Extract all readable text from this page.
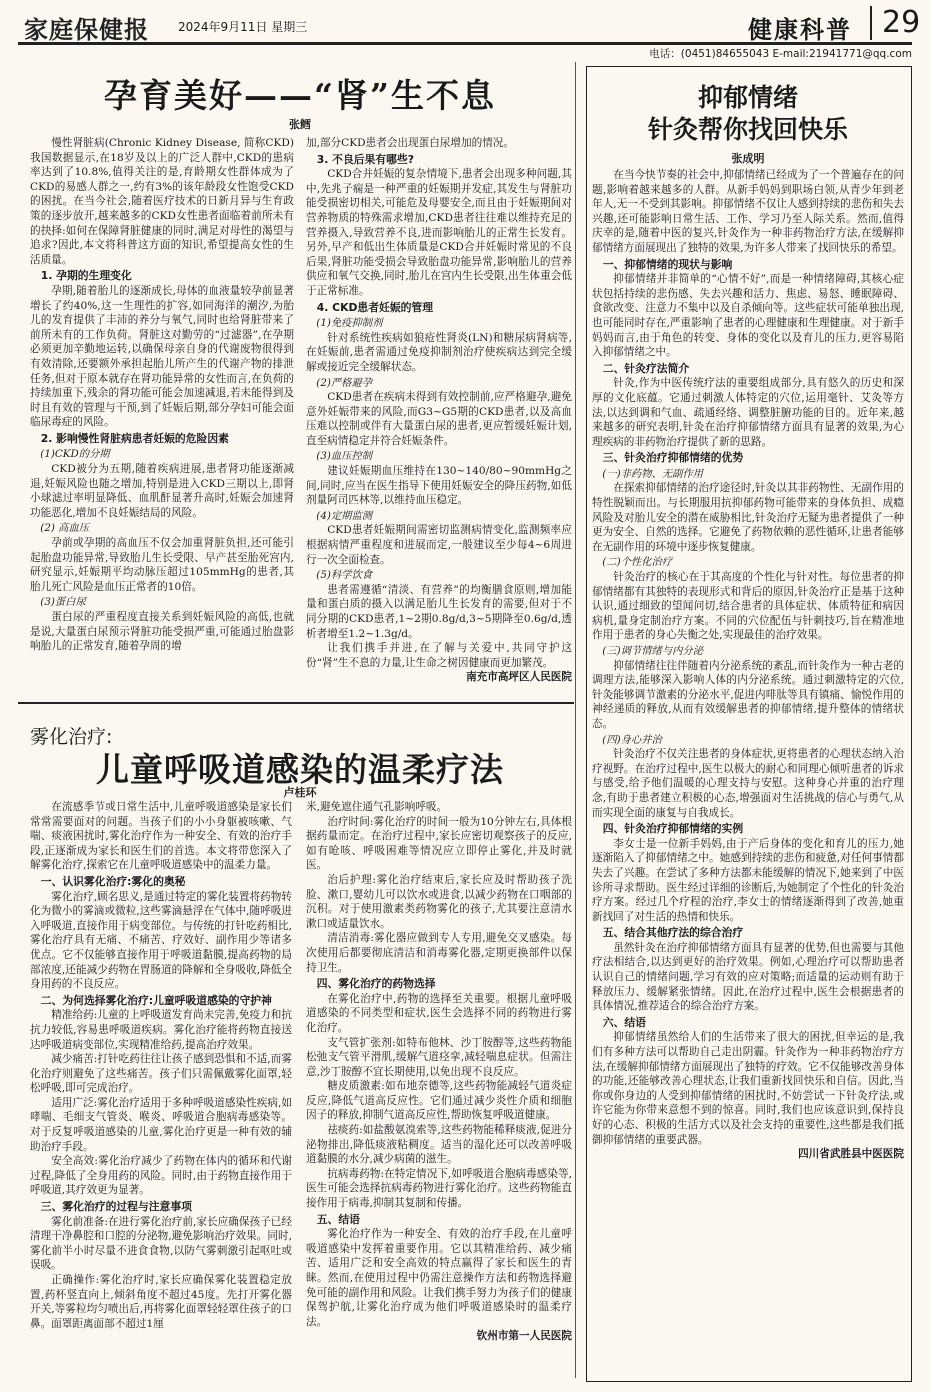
家庭保健报 2024年9月11日 星期三	健康科普	29
电话：(0451)84655043 E-mail:21941771@qq.com
孕育美好——“肾”生不息
张鳕

慢性肾脏病(Chronic Kidney Disease, 简称CKD)我国数据显示,在18岁及以上的广泛人群中,CKD的患病率达到了10.8%,值得关注的是,育龄期女性群体成为了CKD的易感人群之一,约有3%的该年龄段女性饱受CKD的困扰。在当今社会,随着医疗技术的日新月异与生育政策的逐步放开,越来越多的CKD女性患者面临着前所未有的抉择:如何在保障肾脏健康的同时,满足对母性的渴望与追求?因此,本文将科普这方面的知识,希望提高女性的生活质量。

1. 孕期的生理变化

孕期,随着胎儿的逐渐成长,母体的血液量较孕前显著增长了约40%,这一生理性的扩容,如同海洋的潮汐,为胎儿的发育提供了丰沛的养分与氧气,同时也给肾脏带来了前所未有的工作负荷。肾脏这对勤劳的“过滤器”,在孕期必须更加辛勤地运转,以确保母亲自身的代谢废物很得到有效清除,还要额外承担起胎儿所产生的代谢产物的排泄任务,但对于原本就存在肾功能异常的女性而言,在负荷的持续加重下,残余的肾功能可能会加速减退,若未能得到及时且有效的管理与干预,到了妊娠后期,部分孕妇可能会面临尿毒症的风险。

2. 影响慢性肾脏病患者妊娠的危险因素
(1)CKD的分期

CKD被分为五期,随着疾病进展,患者肾功能逐渐减退,妊娠风险也随之增加,特别是进入CKD三期以上,即肾小球滤过率明显降低、血肌酐显著升高时,妊娠会加速肾功能恶化,增加不良妊娠结局的风险。

(2) 高血压

孕前或孕期的高血压不仅会加重肾脏负担,还可能引起胎盘功能异常,导致胎儿生长受限、早产甚至胎死宫内,研究显示,妊娠期平均动脉压超过105mmHg的患者,其胎儿死亡风险是血压正常者的10倍。

(3)蛋白尿

蛋白尿的严重程度直接关系到妊娠风险的高低,也就是说,大量蛋白尿预示肾脏功能受损严重,可能通过胎盘影响胎儿的正常发育,随着孕周的增

加,部分CKD患者会出现蛋白尿增加的情况。

3. 不良后果有哪些?

CKD合并妊娠的复杂情境下,患者会出现多种问题,其中,先兆子痫是一种严重的妊娠期并发症,其发生与肾脏功能受损密切相关,可能危及母婴安全,而且由于妊娠期间对营养物质的特殊需求增加,CKD患者往往难以维持充足的营养摄入,导致营养不良,进而影响胎儿的正常生长发育。另外,早产和低出生体质量是CKD合并妊娠时常见的不良后果,肾脏功能受损会导致胎盘功能异常,影响胎儿的营养供应和氧气交换,同时,胎儿在宫内生长受限,出生体重会低于正常标准。

4. CKD患者妊娠的管理
(1)免疫抑制剂

针对系统性疾病如狼疮性肾炎(LN)和糖尿病肾病等,在妊娠前,患者需通过免疫抑制剂治疗使疾病达到完全缓解或接近完全缓解状态。

(2)严格避孕

CKD患者在疾病未得到有效控制前,应严格避孕,避免意外妊娠带来的风险,而G3~G5期的CKD患者,以及高血压难以控制或伴有大量蛋白尿的患者,更应暂缓妊娠计划,直至病情稳定并符合妊娠条件。

(3)血压控制

建议妊娠期血压维持在130~140/80~90mmHg之间,同时,应当在医生指导下使用妊娠安全的降压药物,如低剂量阿司匹林等,以维持血压稳定。

(4)定期监测

CKD患者妊娠期间需密切监测病情变化,监测频率应根据病情严重程度和进展而定,一般建议至少每4~6周进行一次全面检查。

(5)科学饮食

患者需遵循“清淡、有营养”的均衡膳食原则,增加能量和蛋白质的摄入以满足胎儿生长发育的需要,但对于不同分期的CKD患者,1~2期0.8g/d,3~5期降至0.6g/d,透析者增至1.2~1.3g/d。

让我们携手并进,在了解与关爱中,共同守护这份“肾”生不息的力量,让生命之树因健康而更加繁茂。

南充市高坪区人民医院
雾化治疗:
儿童呼吸道感染的温柔疗法
卢桂环

在流感季节或日常生活中,儿童呼吸道感染是家长们常常需要面对的问题。当孩子们的小小身躯被咳嗽、气喘、痰液困扰时,雾化治疗作为一种安全、有效的治疗手段,正逐渐成为家长和医生们的首选。本文将带您深入了解雾化治疗,探索它在儿童呼吸道感染中的温柔力量。

一、认识雾化治疗:雾化的奥秘

雾化治疗,顾名思义,是通过特定的雾化装置将药物转化为微小的雾滴或微粒,这些雾滴悬浮在气体中,随呼吸进入呼吸道,直接作用于病变部位。与传统的打针吃药相比,雾化治疗具有无痛、不痛苦、疗效好、副作用少等诸多优点。它不仅能够直接作用于呼吸道黏膜,提高药物的局部浓度,还能减少药物在胃肠道的降解和全身吸收,降低全身用药的不良反应。

二、为何选择雾化治疗:儿童呼吸道感染的守护神

精准给药:儿童的上呼吸道发育尚未完善,免疫力和抗抗力较低,容易患呼吸道疾病。雾化治疗能将药物直接送达呼吸道病变部位,实现精准给药,提高治疗效果。

减少痛苦:打针吃药往往让孩子感到恐惧和不适,而雾化治疗则避免了这些痛苦。孩子们只需佩戴雾化面罩,轻松呼吸,即可完成治疗。

适用广泛:雾化治疗适用于多种呼吸道感染性疾病,如哮喘、毛细支气管炎、喉炎、呼吸道合胞病毒感染等。对于反复呼吸道感染的儿童,雾化治疗更是一种有效的辅助治疗手段。

安全高效:雾化治疗减少了药物在体内的循环和代谢过程,降低了全身用药的风险。同时,由于药物直接作用于呼吸道,其疗效更为显著。

三、雾化治疗的过程与注意事项

雾化前准备:在进行雾化治疗前,家长应确保孩子已经清理干净鼻腔和口腔的分泌物,避免影响治疗效果。同时,雾化前半小时尽量不进食食物,以防气雾刺激引起呕吐或误吸。

正确操作:雾化治疗时,家长应确保雾化装置稳定放置,药杯竖直向上,倾斜角度不超过45度。先打开雾化器开关,等雾粒均匀喷出后,再将雾化面罩轻轻罩住孩子的口鼻。面罩距离面部不超过1厘

米,避免遮住通气孔影响呼吸。

治疗时间:雾化治疗的时间一般为10分钟左右,具体根据药量而定。在治疗过程中,家长应密切观察孩子的反应,如有呛咳、呼吸困难等情况应立即停止雾化,并及时就医。

治后护理:雾化治疗结束后,家长应及时帮助孩子洗脸、漱口,婴幼儿可以饮水或进食,以减少药物在口咽部的沉积。对于使用激素类药物雾化的孩子,尤其要注意清水漱口或适量饮水。

清洁消毒:雾化器应做到专人专用,避免交叉感染。每次使用后都要彻底清洁和消毒雾化器,定期更换部件以保持卫生。

四、雾化治疗的药物选择

在雾化治疗中,药物的选择至关重要。根据儿童呼吸道感染的不同类型和症状,医生会选择不同的药物进行雾化治疗。

支气管扩张剂:如特布他林、沙丁胺醇等,这些药物能松弛支气管平滑肌,缓解气道痉挛,减轻喘息症状。但需注意,沙丁胺醇不宜长期使用,以免出现不良反应。

糖皮质激素:如布地奈德等,这些药物能减轻气道炎症反应,降低气道高反应性。它们通过减少炎性介质和细胞因子的释放,抑制气道高反应性,帮助恢复呼吸道健康。

祛痰药:如盐酸氨溴索等,这些药物能稀释痰液,促进分泌物排出,降低痰液粘稠度。适当的湿化还可以改善呼吸道黏膜的水分,减少病菌的滋生。

抗病毒药物:在特定情况下,如呼吸道合胞病毒感染等,医生可能会选择抗病毒药物进行雾化治疗。这些药物能直接作用于病毒,抑制其复制和传播。

五、结语

雾化治疗作为一种安全、有效的治疗手段,在儿童呼吸道感染中发挥着重要作用。它以其精准给药、减少痛苦、适用广泛和安全高效的特点赢得了家长和医生的青睐。然而,在使用过程中仍需注意操作方法和药物选择避免可能的副作用和风险。让我们携手努力为孩子们的健康保驾护航,让雾化治疗成为他们呼吸道感染时的温柔疗法。

钦州市第一人民医院
抑郁情绪
针灸帮你找回快乐
张成明

在当今快节奏的社会中,抑郁情绪已经成为了一个普遍存在的问题,影响着越来越多的人群。从新手妈妈到职场白领,从青少年到老年人,无一不受到其影响。抑郁情绪不仅让人感到持续的悲伤和失去兴趣,还可能影响日常生活、工作、学习乃至人际关系。然而,值得庆幸的是,随着中医的复兴,针灸作为一种非药物治疗方法,在缓解抑郁情绪方面展现出了独特的效果,为许多人带来了找回快乐的希望。

一、抑郁情绪的现状与影响

抑郁情绪并非简单的“心情不好”,而是一种情绪障碍,其核心症状包括持续的悲伤感、失去兴趣和活力、焦虑、易怒、睡眠障碍、食欲改变、注意力不集中以及自杀倾向等。这些症状可能单独出现,也可能同时存在,严重影响了患者的心理健康和生理健康。对于新手妈妈而言,由于角色的转变、身体的变化以及育儿的压力,更容易陷入抑郁情绪之中。

二、针灸疗法简介

针灸,作为中医传统疗法的重要组成部分,具有悠久的历史和深厚的文化底蕴。它通过刺激人体特定的穴位,运用毫针、艾灸等方法,以达到调和气血、疏通经络、调整脏腑功能的目的。近年来,越来越多的研究表明,针灸在治疗抑郁情绪方面具有显著的效果,为心理疾病的非药物治疗提供了新的思路。

三、针灸治疗抑郁情绪的优势
(一)非药物、无副作用

在探索抑郁情绪的治疗途径时,针灸以其非药物性、无副作用的特性脱颖而出。与长期服用抗抑郁药物可能带来的身体负担、成瘾风险及对胎儿安全的潜在威胁相比,针灸治疗无疑为患者提供了一种更为安全、自然的选择。它避免了药物依赖的恶性循环,让患者能够在无副作用的环境中逐步恢复健康。

(二)个性化治疗

针灸治疗的核心在于其高度的个性化与针对性。每位患者的抑郁情绪都有其独特的表现形式和背后的原因,针灸治疗正是基于这种认识,通过细致的望闻问切,结合患者的具体症状、体质特征和病因病机,量身定制治疗方案。不同的穴位配伍与针刺技巧,旨在精准地作用于患者的身心失衡之处,实现最佳的治疗效果。

(三)调节情绪与内分泌

抑郁情绪往往伴随着内分泌系统的紊乱,而针灸作为一种古老的调理方法,能够深入影响人体的内分泌系统。通过刺激特定的穴位,针灸能够调节激素的分泌水平,促进内啡肽等具有镇痛、愉悦作用的神经递质的释放,从而有效缓解患者的抑郁情绪,提升整体的情绪状态。

(四)身心并治

针灸治疗不仅关注患者的身体症状,更将患者的心理状态纳入治疗视野。在治疗过程中,医生以极大的耐心和同理心倾听患者的诉求与感受,给予他们温暖的心理支持与安慰。这种身心并重的治疗理念,有助于患者建立积极的心态,增强面对生活挑战的信心与勇气,从而实现全面的康复与自我成长。

四、针灸治疗抑郁情绪的实例

李女士是一位新手妈妈,由于产后身体的变化和育儿的压力,她逐渐陷入了抑郁情绪之中。她感到持续的悲伤和疲惫,对任何事情都失去了兴趣。在尝试了多种方法都未能缓解的情况下,她来到了中医诊所寻求帮助。医生经过详细的诊断后,为她制定了个性化的针灸治疗方案。经过几个疗程的治疗,李女士的情绪逐渐得到了改善,她重新找回了对生活的热情和快乐。

五、结合其他疗法的综合治疗

虽然针灸在治疗抑郁情绪方面具有显著的优势,但也需要与其他疗法相结合,以达到更好的治疗效果。例如,心理治疗可以帮助患者认识自己的情绪问题,学习有效的应对策略;而适量的运动则有助于释放压力、缓解紧张情绪。因此,在治疗过程中,医生会根据患者的具体情况,推荐适合的综合治疗方案。

六、结语

抑郁情绪虽然给人们的生活带来了很大的困扰,但幸运的是,我们有多种方法可以帮助自己走出阴霾。针灸作为一种非药物治疗方法,在缓解抑郁情绪方面展现出了独特的疗效。它不仅能够改善身体的功能,还能够改善心理状态,让我们重新找回快乐和自信。因此,当你或你身边的人受到抑郁情绪的困扰时,不妨尝试一下针灸疗法,或许它能为你带来意想不到的惊喜。同时,我们也应该意识到,保持良好的心态、积极的生活方式以及社会支持的重要性,这些都是我们抵御抑郁情绪的重要武器。

四川省武胜县中医医院
